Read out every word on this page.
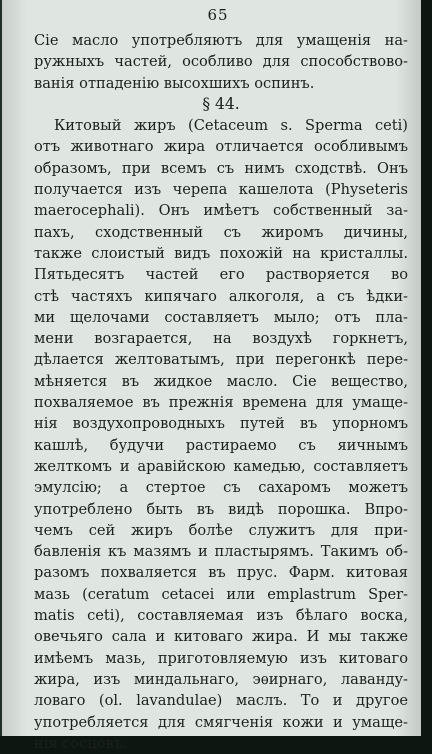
65
Сіе масло употребляютъ для умащенія на-
ружныхъ частей, особливо для способствово-
ванія отпаденію высохшихъ оспинъ.
§ 44.
Китовый жиръ (Cetaceum s. Sperma ceti)
отъ животнаго жира отличается особливымъ
образомъ, при всемъ съ нимъ сходствѣ. Онъ
получается изъ черепа кашелота (Physeteris
maerocephali). Онъ имѣетъ собственный за-
пахъ, сходственный съ жиромъ дичины,
также слоистый видъ похожій на кристаллы.
Пятьдесятъ частей его растворяется во
стѣ частяхъ кипячаго алкоголя, а съ ѣдки-
ми щелочами составляетъ мыло; отъ пла-
мени возгарается, на воздухѣ горкнетъ,
дѣлается желтоватымъ, при перегонкѣ пере-
мѣняется въ жидкое масло. Сіе вещество,
похваляемое въ прежнія времена для умаще-
нія воздухопроводныхъ путей въ упорномъ
кашлѣ, будучи растираемо съ яичнымъ
желткомъ и аравійскою камедью, составляетъ
эмулсію; а стертое съ сахаромъ можетъ
употреблено быть въ видѣ порошка. Впро-
чемъ сей жиръ болѣе служитъ для при-
бавленія къ мазямъ и пластырямъ. Такимъ об-
разомъ похваляется въ прус. Фарм. китовая
мазь (ceratum cetacei или emplastrum Sper-
matis ceti), составляемая изъ бѣлаго воска,
овечьяго сала и китоваго жира. И мы также
имѣемъ мазь, приготовляемую изъ китоваго
жира, изъ миндальнаго, эѳирнаго, лаванду-
ловаго (ol. lavandulae) маслъ. То и другое
употребляется для смягченія кожи и умаще-
нія сосцовъ.
